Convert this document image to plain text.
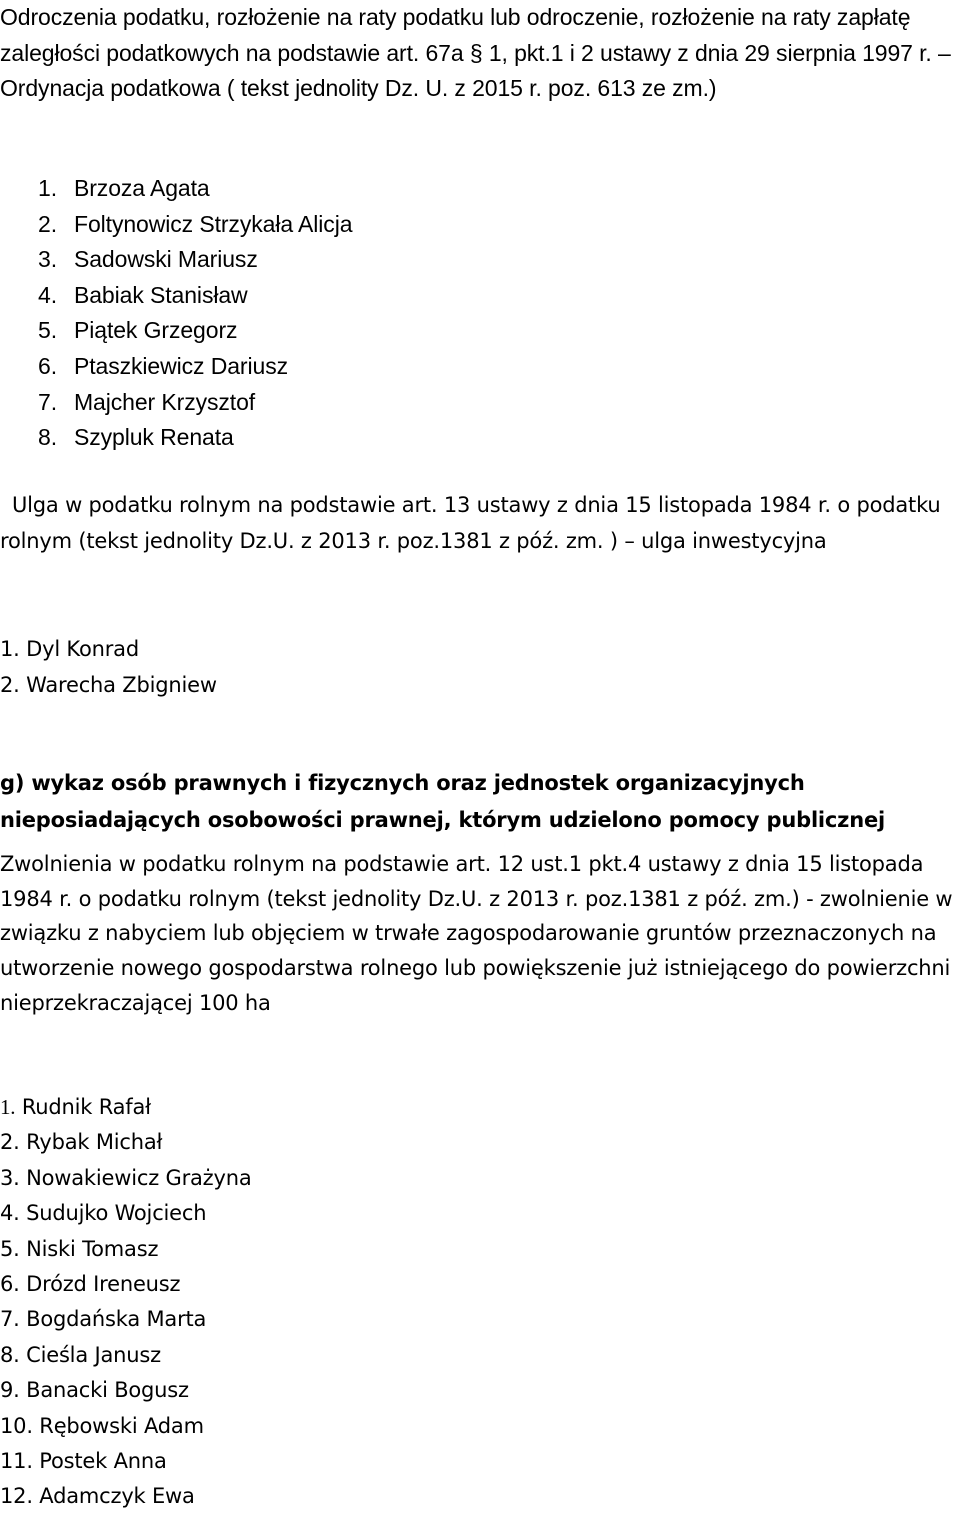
Odroczenia podatku, rozłożenie na raty podatku lub odroczenie, rozłożenie na raty zapłatę zaległości podatkowych na podstawie art. 67a § 1, pkt.1 i 2 ustawy z dnia 29 sierpnia 1997 r. – Ordynacja podatkowa ( tekst jednolity Dz. U. z 2015 r. poz. 613 ze zm.)

1. Brzoza Agata
2. Foltynowicz Strzykała Alicja
3. Sadowski Mariusz
4. Babiak Stanisław
5. Piątek Grzegorz
6. Ptaszkiewicz Dariusz
7. Majcher Krzysztof
8. Szypluk Renata

Ulga w podatku rolnym na podstawie art. 13 ustawy z dnia 15 listopada 1984 r. o podatku rolnym (tekst jednolity Dz.U. z 2013 r. poz.1381 z póź. zm. ) – ulga inwestycyjna

1. Dyl Konrad
2. Warecha Zbigniew

g) wykaz osób prawnych i fizycznych oraz jednostek organizacyjnych
nieposiadających osobowości prawnej, którym udzielono pomocy publicznej

Zwolnienia w podatku rolnym na podstawie art. 12 ust.1 pkt.4 ustawy z dnia 15 listopada 1984 r. o podatku rolnym (tekst jednolity Dz.U. z 2013 r. poz.1381 z póź. zm.) - zwolnienie w związku z nabyciem lub objęciem w trwałe zagospodarowanie gruntów przeznaczonych na utworzenie nowego gospodarstwa rolnego lub powiększenie już istniejącego do powierzchni nieprzekraczającej 100 ha

1. Rudnik Rafał
2. Rybak Michał
3. Nowakiewicz Grażyna
4. Sudujko Wojciech
5. Niski Tomasz
6. Drózd Ireneusz
7. Bogdańska Marta
8. Cieśla Janusz
9. Banacki Bogusz
10. Rębowski Adam
11. Postek Anna
12. Adamczyk Ewa
